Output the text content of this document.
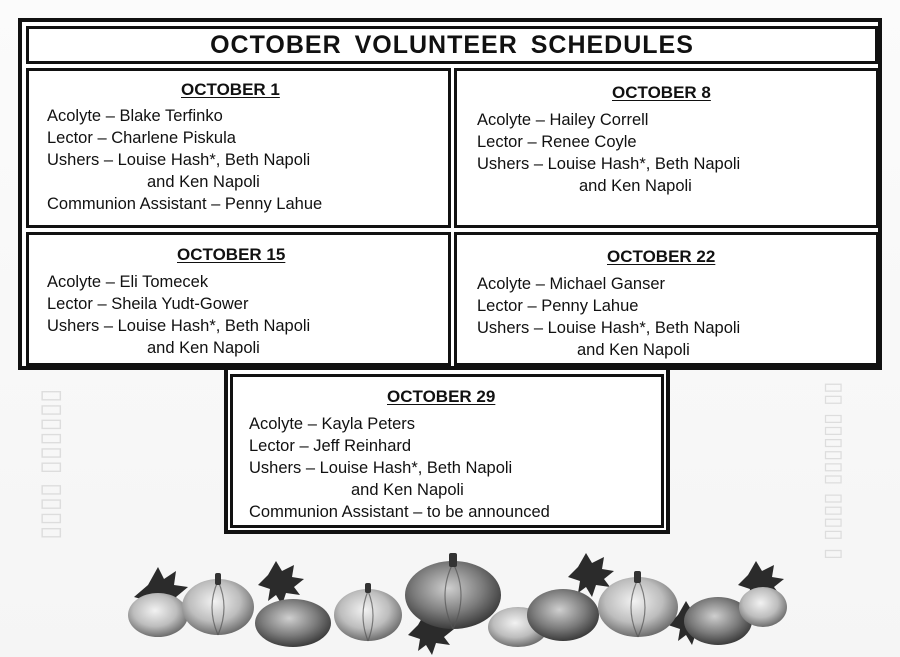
▯ ▯▯▯▯ ▯▯▯▯▯▯ ▯▯
▯▯▯▯ ▯▯▯▯▯▯
OCTOBER VOLUNTEER SCHEDULES
OCTOBER 1
Acolyte – Blake Terfinko
Lector – Charlene Piskula
Ushers – Louise Hash*, Beth Napoli
and Ken Napoli
Communion Assistant – Penny Lahue
OCTOBER 8
Acolyte – Hailey Correll
Lector – Renee Coyle
Ushers – Louise Hash*, Beth Napoli
and Ken Napoli
OCTOBER 15
Acolyte – Eli Tomecek
Lector – Sheila Yudt-Gower
Ushers – Louise Hash*, Beth Napoli
and Ken Napoli
OCTOBER 22
Acolyte – Michael Ganser
Lector – Penny Lahue
Ushers – Louise Hash*, Beth Napoli
and Ken Napoli
OCTOBER 29
Acolyte – Kayla Peters
Lector – Jeff Reinhard
Ushers – Louise Hash*, Beth Napoli
and Ken Napoli
Communion Assistant – to be announced
